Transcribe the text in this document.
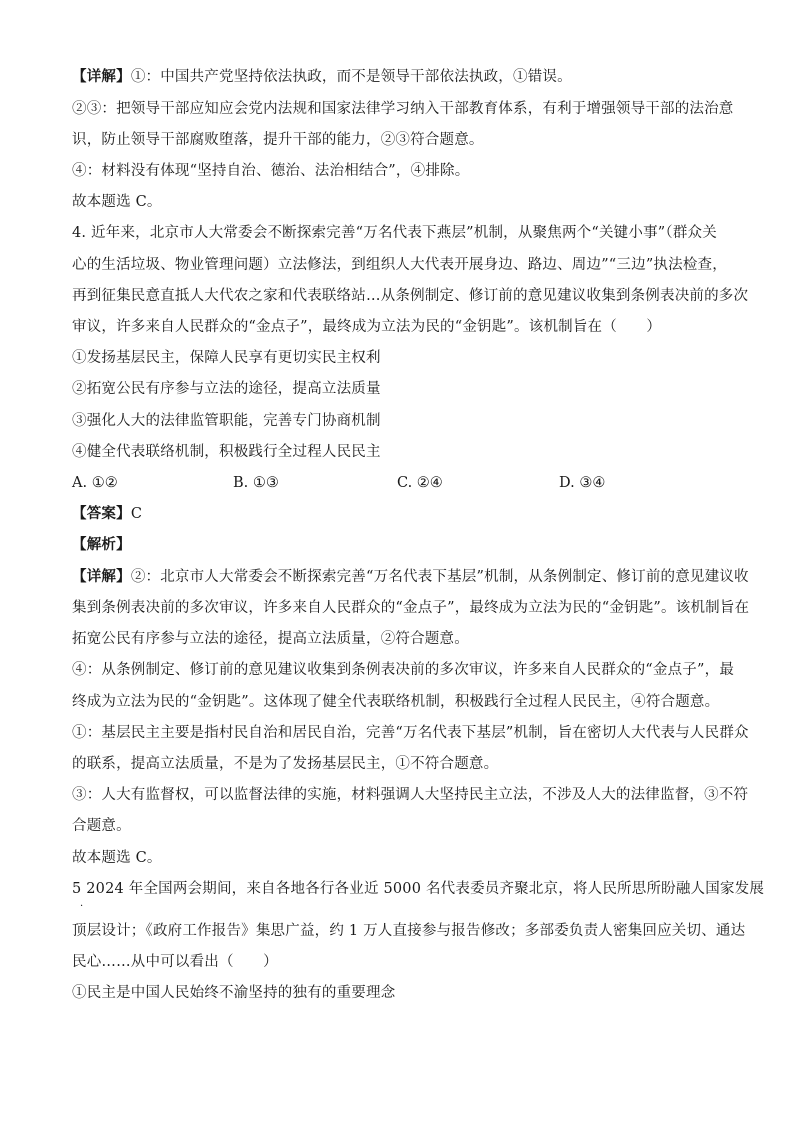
【详解】①：中国共产党坚持依法执政，而不是领导干部依法执政，①错误。
②③：把领导干部应知应会党内法规和国家法律学习纳入干部教育体系，有利于增强领导干部的法治意
识，防止领导干部腐败堕落，提升干部的能力，②③符合题意。
④：材料没有体现“坚持自治、德治、法治相结合”，④排除。
故本题选 C。
4. 近年来，北京市人大常委会不断探索完善“万名代表下燕层”机制，从聚焦两个“关键小事”（群众关
心的生活垃圾、物业管理问题）立法修法，到组织人大代表开展身边、路边、周边”“三边”执法检查，
再到征集民意直抵人大代农之家和代表联络站…从条例制定、修订前的意见建议收集到条例表决前的多次
审议，许多来自人民群众的“金点子”，最终成为立法为民的“金钥匙”。该机制旨在（　　）
①发扬基层民主，保障人民享有更切实民主权利
②拓宽公民有序参与立法的途径，提高立法质量
③强化人大的法律监管职能，完善专门协商机制
④健全代表联络机制，积极践行全过程人民民主
A. ①②	B. ①③	C. ②④	D. ③④
【答案】C
【解析】
【详解】②：北京市人大常委会不断探索完善“万名代表下基层”机制，从条例制定、修订前的意见建议收
集到条例表决前的多次审议，许多来自人民群众的“金点子”，最终成为立法为民的“金钥匙”。该机制旨在
拓宽公民有序参与立法的途径，提高立法质量，②符合题意。
④：从条例制定、修订前的意见建议收集到条例表决前的多次审议，许多来自人民群众的“金点子”，最
终成为立法为民的“金钥匙”。这体现了健全代表联络机制，积极践行全过程人民民主，④符合题意。
①：基层民主主要是指村民自治和居民自治，完善“万名代表下基层”机制，旨在密切人大代表与人民群众
的联系，提高立法质量，不是为了发扬基层民主，①不符合题意。
③：人大有监督权，可以监督法律的实施，材料强调人大坚持民主立法，不涉及人大的法律监督，③不符
合题意。
故本题选 C。
5 2024 年全国两会期间，来自各地各行各业近 5000 名代表委员齐聚北京，将人民所思所盼融人国家发展
·
顶层设计；《政府工作报告》集思广益，约 1 万人直接参与报告修改；多部委负责人密集回应关切、通达
民心……从中可以看出（　　）
①民主是中国人民始终不渝坚持的独有的重要理念
